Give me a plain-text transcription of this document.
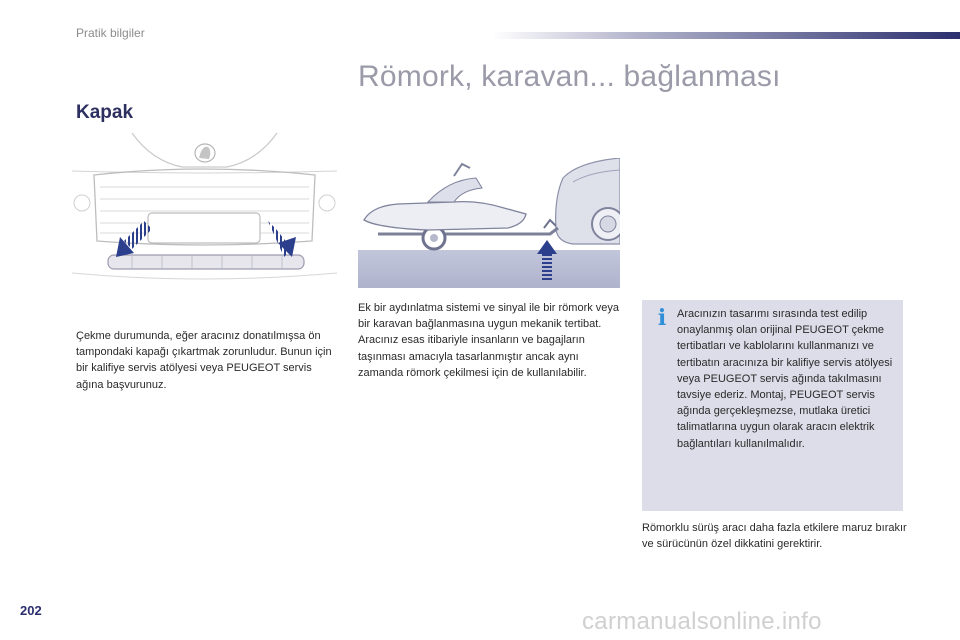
Pratik bilgiler
Römork, karavan... bağlanması
Kapak
Çekme durumunda, eğer aracınız donatılmışsa ön tampondaki kapağı çıkartmak zorunludur. Bunun için bir kalifiye servis atölyesi veya PEUGEOT servis ağına başvurunuz.
Ek bir aydınlatma sistemi ve sinyal ile bir römork veya bir karavan bağlanmasına uygun mekanik tertibat. Aracınız esas itibariyle insanların ve bagajların taşınması amacıyla tasarlanmıştır ancak aynı zamanda römork çekilmesi için de kullanılabilir.
i Aracınızın tasarımı sırasında test edilip onaylanmış olan orijinal PEUGEOT çekme tertibatları ve kablolarını kullanmanızı ve tertibatın aracınıza bir kalifiye servis atölyesi veya PEUGEOT servis ağında takılmasını tavsiye ederiz. Montaj, PEUGEOT servis ağında gerçekleşmezse, mutlaka üretici talimatlarına uygun olarak aracın elektrik bağlantıları kullanılmalıdır.
Römorklu sürüş aracı daha fazla etkilere maruz bırakır ve sürücünün özel dikkatini gerektirir.
202	carmanualsonline.info
